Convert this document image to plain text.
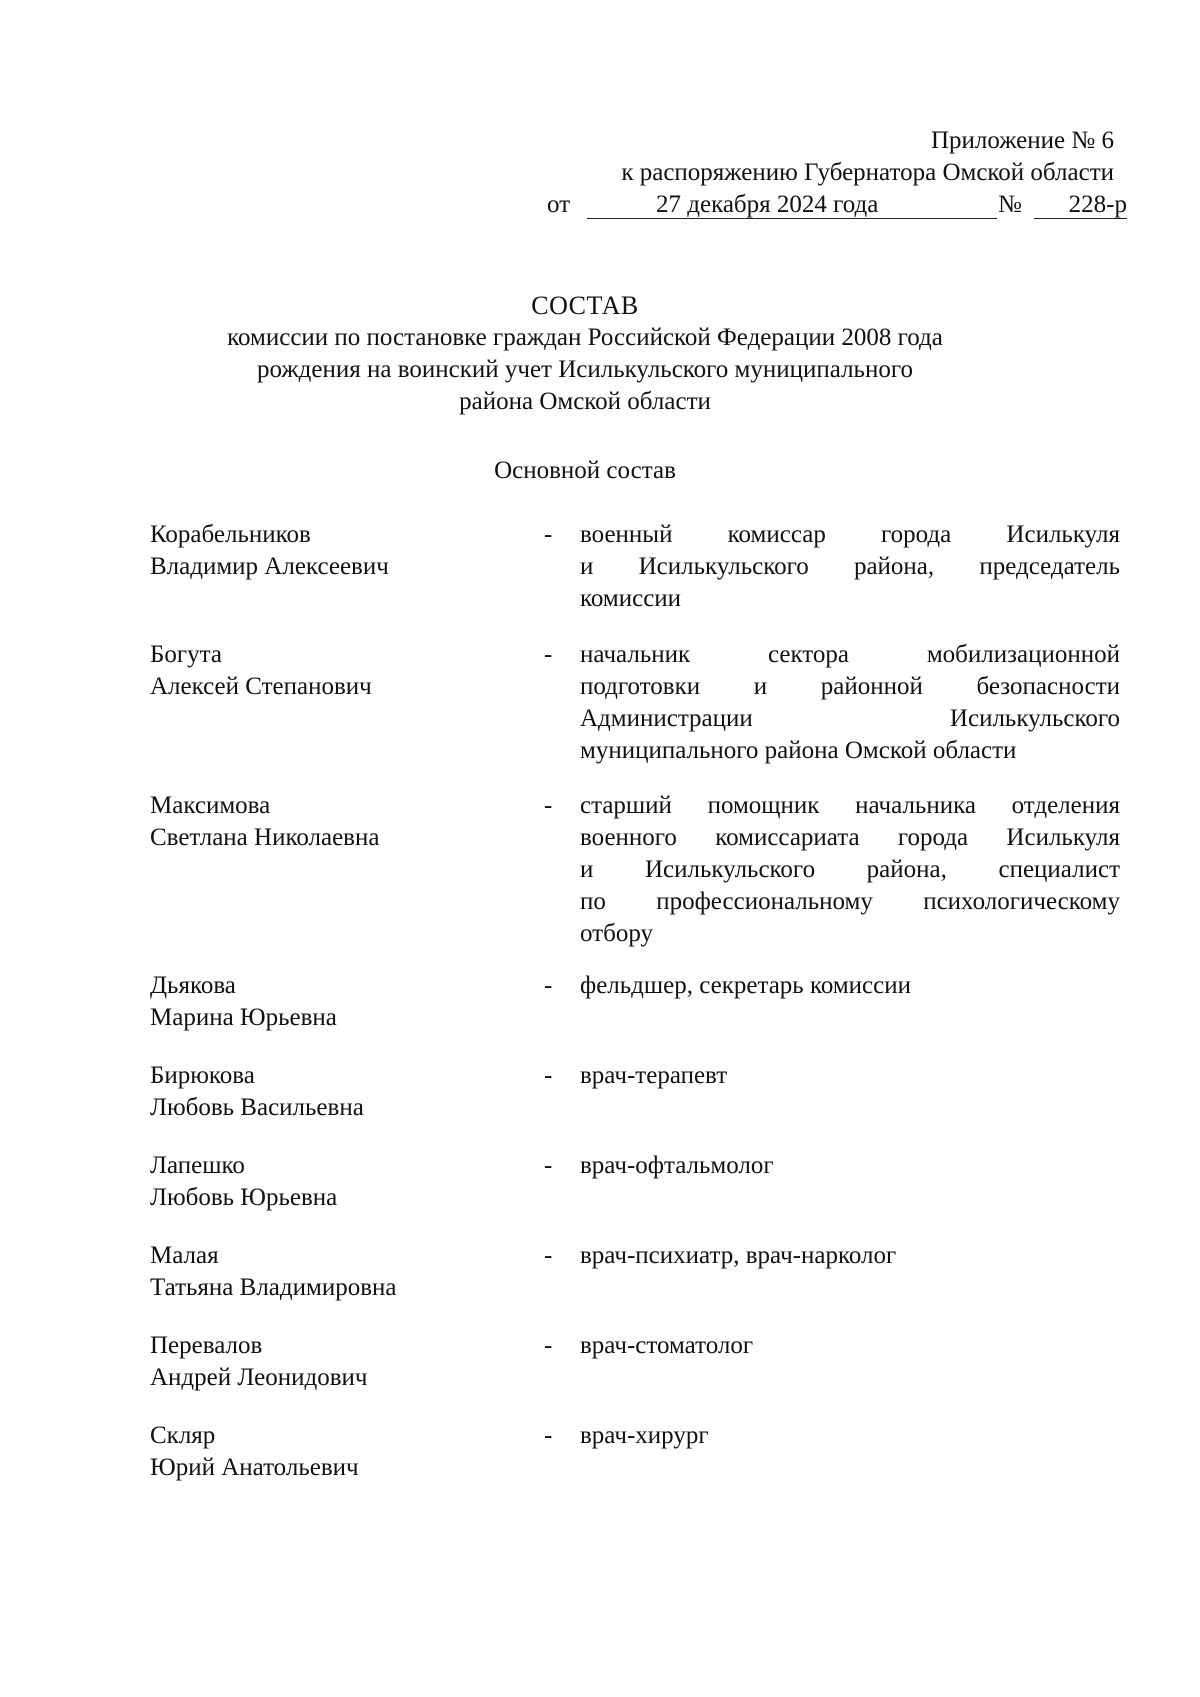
Приложение № 6
к распоряжению Губернатора Омской области
от	27 декабря 2024 года	№ 228-р
СОСТАВ
комиссии по постановке граждан Российской Федерации 2008 года
рождения на воинский учет Исилькульского муниципального
района Омской области
Основной состав
Корабельников
Владимир Алексеевич
- военный комиссар города Исилькуля
и Исилькульского района, председатель
комиссии
Богута
Алексей Степанович
- начальник сектора мобилизационной
подготовки и районной безопасности
Администрации Исилькульского
муниципального района Омской области
Максимова
Светлана Николаевна
- старший помощник начальника отделения
военного комиссариата города Исилькуля
и Исилькульского района, специалист
по профессиональному психологическому
отбору
Дьякова
Марина Юрьевна
- фельдшер, секретарь комиссии
Бирюкова
Любовь Васильевна
- врач-терапевт
Лапешко
Любовь Юрьевна
- врач-офтальмолог
Малая
Татьяна Владимировна
- врач-психиатр, врач-нарколог
Перевалов
Андрей Леонидович
- врач-стоматолог
Скляр
Юрий Анатольевич
- врач-хирург
